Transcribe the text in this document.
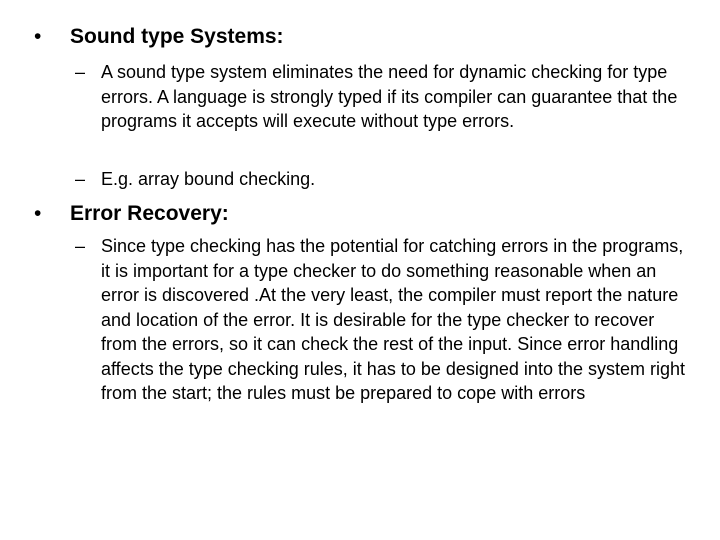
•	Sound type Systems:
– A sound type system eliminates the need for dynamic checking for type errors. A language is strongly typed if its compiler can guarantee that the programs it accepts will execute without type errors.
– E.g. array bound checking.
•	Error Recovery:
– Since type checking has the potential for catching errors in the programs, it is important for a type checker to do something reasonable when an error is discovered .At the very least, the compiler must report the nature and location of the error. It is desirable for the type checker to recover from the errors, so it can check the rest of the input. Since error handling affects the type checking rules, it has to be designed into the system right from the start; the rules must be prepared to cope with errors
